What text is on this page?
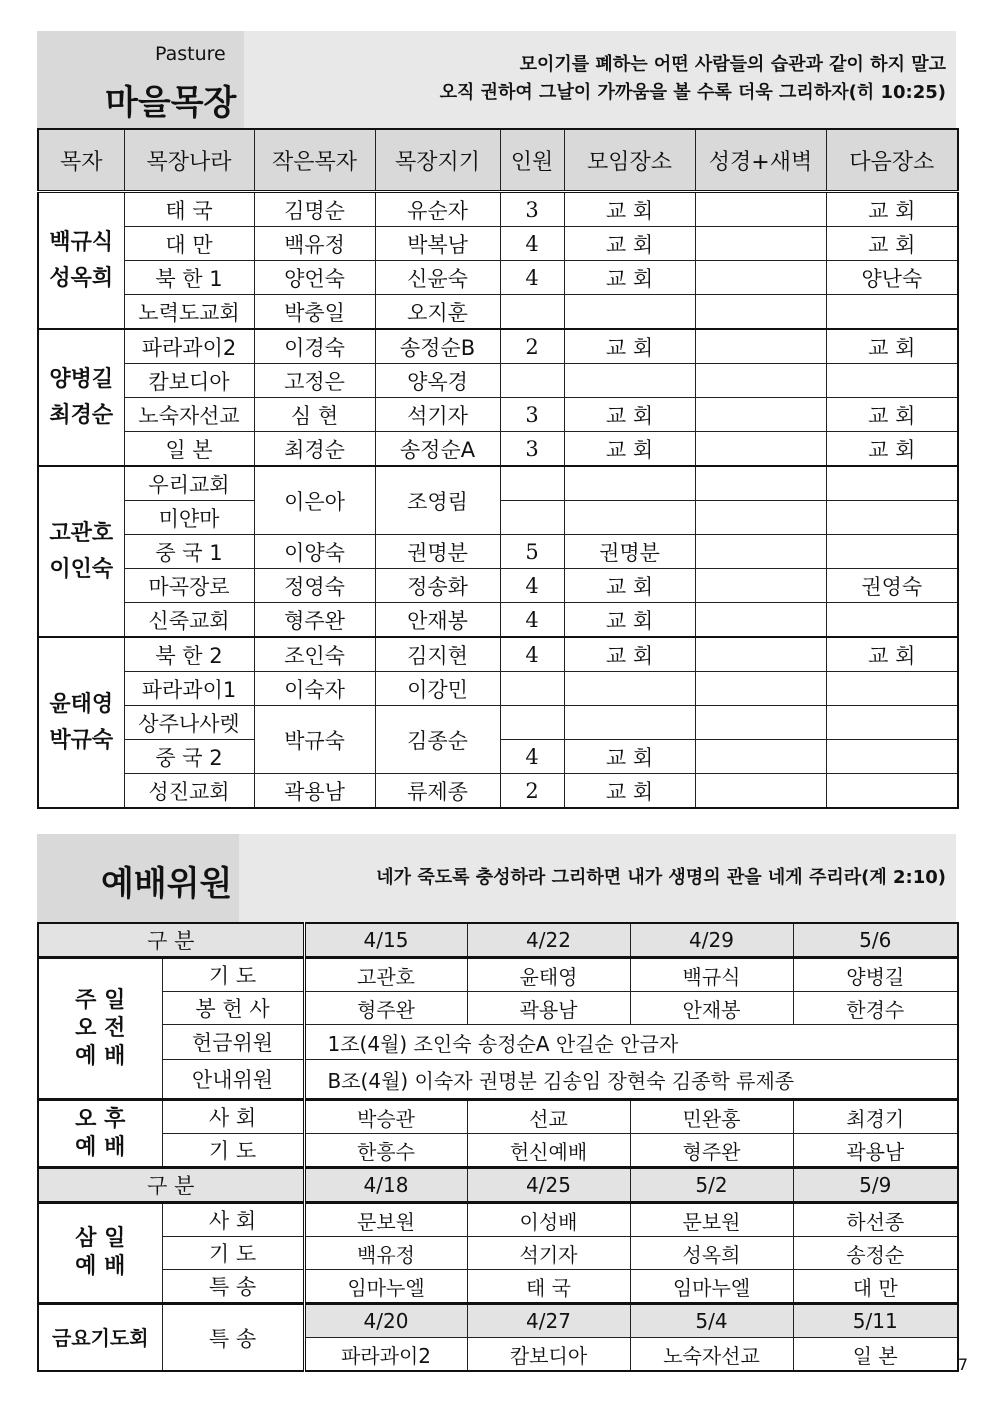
Pasture
마을목장
모이기를 폐하는 어떤 사람들의 습관과 같이 하지 말고
오직 권하여 그날이 가까움을 볼 수록 더욱 그리하자(히 10:25)
목자	목장나라	작은목자	목장지기	인원	모임장소	성경+새벽	다음장소

백규식
성옥희	태 국	김명순	유순자	3	교 회		교 회
	대 만	백유정	박복남	4	교 회		교 회
	북 한 1	양언숙	신윤숙	4	교 회		양난숙
	노력도교회	박충일	오지훈				

양병길
최경순	파라과이2	이경숙	송정순B	2	교 회		교 회
	캄보디아	고정은	양옥경				
	노숙자선교	심 현	석기자	3	교 회		교 회
	일 본	최경순	송정순A	3	교 회		교 회

고관호
이인숙	우리교회	이은아	조영림				
	미얀마						
	중 국 1	이양숙	권명분	5	권명분		
	마곡장로	정영숙	정송화	4	교 회		권영숙
	신죽교회	형주완	안재봉	4	교 회		

윤태영
박규숙	북 한 2	조인숙	김지현	4	교 회		교 회
	파라과이1	이숙자	이강민				
	상주나사렛	박규숙	김종순				
	중 국 2			4	교 회		
	성진교회	곽용남	류제종	2	교 회		
예배위원	네가 죽도록 충성하라 그리하면 내가 생명의 관을 네게 주리라(계 2:10)
구 분		4/15	4/22	4/29	5/6

주 일
오 전
예 배	기 도	고관호	윤태영	백규식	양병길
	봉 헌 사	형주완	곽용남	안재봉	한경수
	헌금위원	1조(4월) 조인숙 송정순A 안길순 안금자			
	안내위원	B조(4월) 이숙자 권명분 김송임 장현숙 김종학 류제종			

오 후
예 배	사 회	박승관	선교	민완홍	최경기
	기 도	한흥수	헌신예배	형주완	곽용남
구 분		4/18	4/25	5/2	5/9

삼 일
예 배	사 회	문보원	이성배	문보원	하선종
	기 도	백유정	석기자	성옥희	송정순
	특 송	임마누엘	태 국	임마누엘	대 만
금요기도회	특 송	4/20	4/27	5/4	5/11
		파라과이2	캄보디아	노숙자선교	일 본	7
